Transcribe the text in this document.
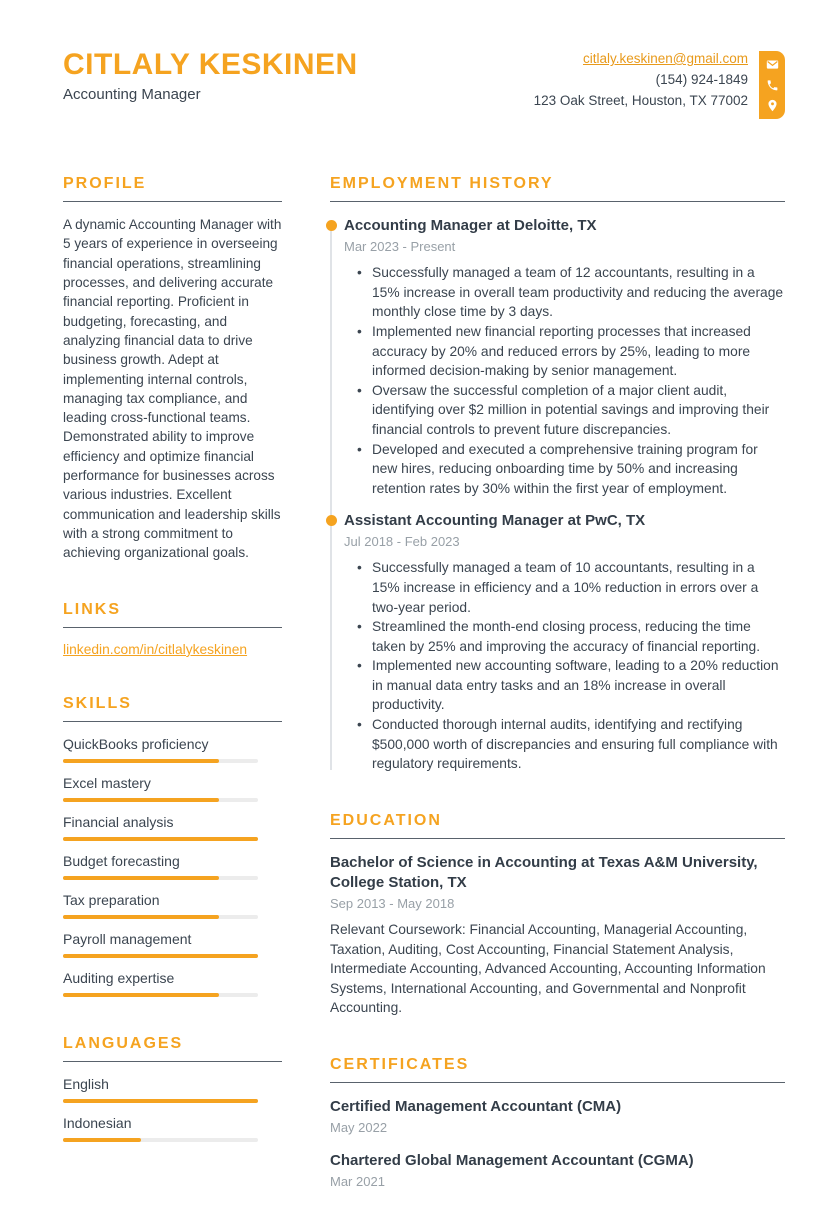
CITLALY KESKINEN
Accounting Manager
citlaly.keskinen@gmail.com
(154) 924-1849
123 Oak Street, Houston, TX 77002
PROFILE

A dynamic Accounting Manager with 5 years of experience in overseeing financial operations, streamlining processes, and delivering accurate financial reporting. Proficient in budgeting, forecasting, and analyzing financial data to drive business growth. Adept at implementing internal controls, managing tax compliance, and leading cross-functional teams. Demonstrated ability to improve efficiency and optimize financial performance for businesses across various industries. Excellent communication and leadership skills with a strong commitment to achieving organizational goals.

LINKS
linkedin.com/in/citlalykeskinen
SKILLS
QuickBooks proficiency
Excel mastery
Financial analysis
Budget forecasting
Tax preparation
Payroll management
Auditing expertise
LANGUAGES
English
Indonesian
EMPLOYMENT HISTORY
Accounting Manager at Deloitte, TX
Mar 2023 - Present
• Successfully managed a team of 12 accountants, resulting in a 15% increase in overall team productivity and reducing the average monthly close time by 3 days.
• Implemented new financial reporting processes that increased accuracy by 20% and reduced errors by 25%, leading to more informed decision-making by senior management.
• Oversaw the successful completion of a major client audit, identifying over $2 million in potential savings and improving their financial controls to prevent future discrepancies.
• Developed and executed a comprehensive training program for new hires, reducing onboarding time by 50% and increasing retention rates by 30% within the first year of employment.
Assistant Accounting Manager at PwC, TX
Jul 2018 - Feb 2023
• Successfully managed a team of 10 accountants, resulting in a 15% increase in efficiency and a 10% reduction in errors over a two-year period.
• Streamlined the month-end closing process, reducing the time taken by 25% and improving the accuracy of financial reporting.
• Implemented new accounting software, leading to a 20% reduction in manual data entry tasks and an 18% increase in overall productivity.
• Conducted thorough internal audits, identifying and rectifying $500,000 worth of discrepancies and ensuring full compliance with regulatory requirements.
EDUCATION
Bachelor of Science in Accounting at Texas A&M University, College Station, TX
Sep 2013 - May 2018

Relevant Coursework: Financial Accounting, Managerial Accounting, Taxation, Auditing, Cost Accounting, Financial Statement Analysis, Intermediate Accounting, Advanced Accounting, Accounting Information Systems, International Accounting, and Governmental and Nonprofit Accounting.

CERTIFICATES
Certified Management Accountant (CMA)
May 2022
Chartered Global Management Accountant (CGMA)
Mar 2021
